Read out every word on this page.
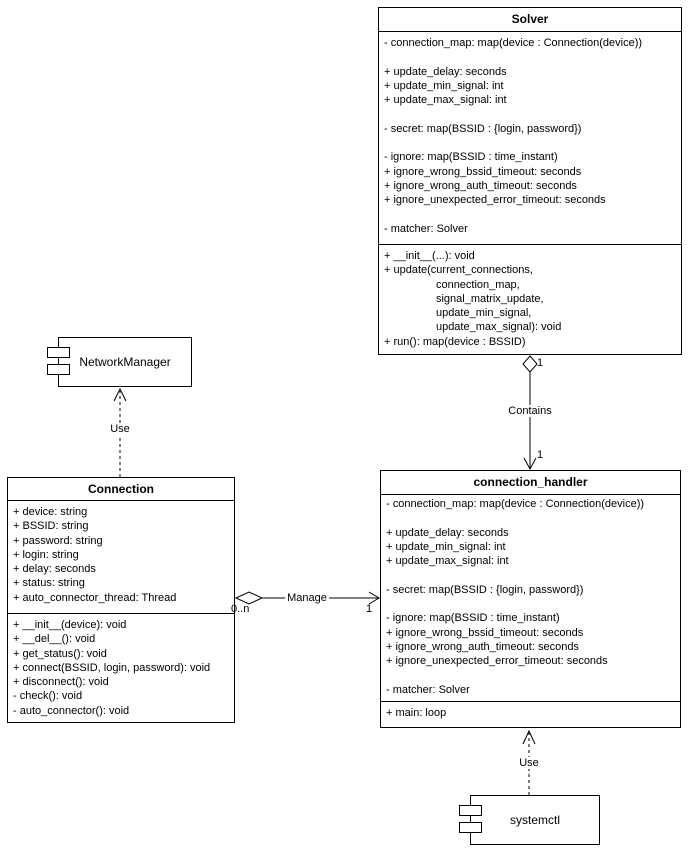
Solver
- connection_map: map(device : Connection(device))

+ update_delay: seconds
+ update_min_signal: int
+ update_max_signal: int

- secret: map(BSSID : {login, password})

- ignore: map(BSSID : time_instant)
+ ignore_wrong_bssid_timeout: seconds
+ ignore_wrong_auth_timeout: seconds
+ ignore_unexpected_error_timeout: seconds

- matcher: Solver
+ __init__(...): void
+ update(current_connections,
connection_map,
signal_matrix_update,
update_min_signal,
update_max_signal): void
+ run(): map(device : BSSID)
Connection
+ device: string
+ BSSID: string
+ password: string
+ login: string
+ delay: seconds
+ status: string
+ auto_connector_thread: Thread
+ __init__(device): void
+ __del__(): void
+ get_status(): void
+ connect(BSSID, login, password): void
+ disconnect(): void
- check(): void
- auto_connector(): void
connection_handler
- connection_map: map(device : Connection(device))

+ update_delay: seconds
+ update_min_signal: int
+ update_max_signal: int

- secret: map(BSSID : {login, password})

- ignore: map(BSSID : time_instant)
+ ignore_wrong_bssid_timeout: seconds
+ ignore_wrong_auth_timeout: seconds
+ ignore_unexpected_error_timeout: seconds

- matcher: Solver
+ main: loop
NetworkManager
systemctl
1
Contains
1
0..n
Manage
1
Use
Use
